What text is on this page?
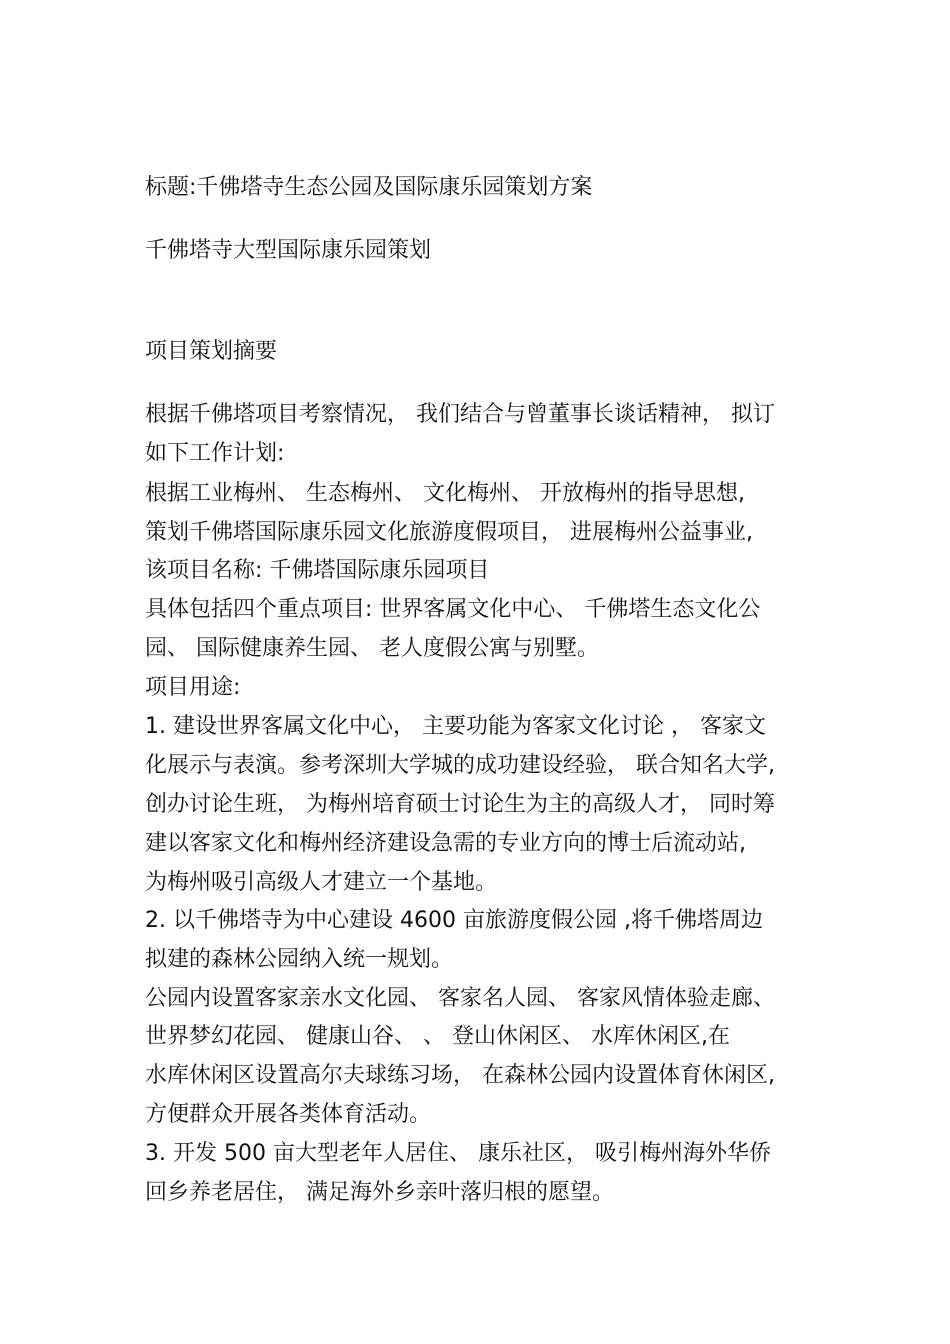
标题:千佛塔寺生态公园及国际康乐园策划方案
千佛塔寺大型国际康乐园策划
项目策划摘要
根据千佛塔项目考察情况， 我们结合与曾董事长谈话精神， 拟订
如下工作计划:
根据工业梅州、 生态梅州、 文化梅州、 开放梅州的指导思想,
策划千佛塔国际康乐园文化旅游度假项目， 进展梅州公益事业,
该项目名称: 千佛塔国际康乐园项目
具体包括四个重点项目: 世界客属文化中心、 千佛塔生态文化公
园、 国际健康养生园、 老人度假公寓与别墅。
项目用途:
1. 建设世界客属文化中心， 主要功能为客家文化讨论 ， 客家文
化展示与表演。参考深圳大学城的成功建设经验， 联合知名大学,
创办讨论生班， 为梅州培育硕士讨论生为主的高级人才， 同时筹
建以客家文化和梅州经济建设急需的专业方向的博士后流动站,
为梅州吸引高级人才建立一个基地。
2. 以千佛塔寺为中心建设 4600 亩旅游度假公园 ,将千佛塔周边
拟建的森林公园纳入统一规划。
公园内设置客家亲水文化园、 客家名人园、 客家风情体验走廊、
世界梦幻花园、 健康山谷、 、 登山休闲区、 水库休闲区,在
水库休闲区设置高尔夫球练习场， 在森林公园内设置体育休闲区,
方便群众开展各类体育活动。
3. 开发 500 亩大型老年人居住、 康乐社区， 吸引梅州海外华侨
回乡养老居住， 满足海外乡亲叶落归根的愿望。
